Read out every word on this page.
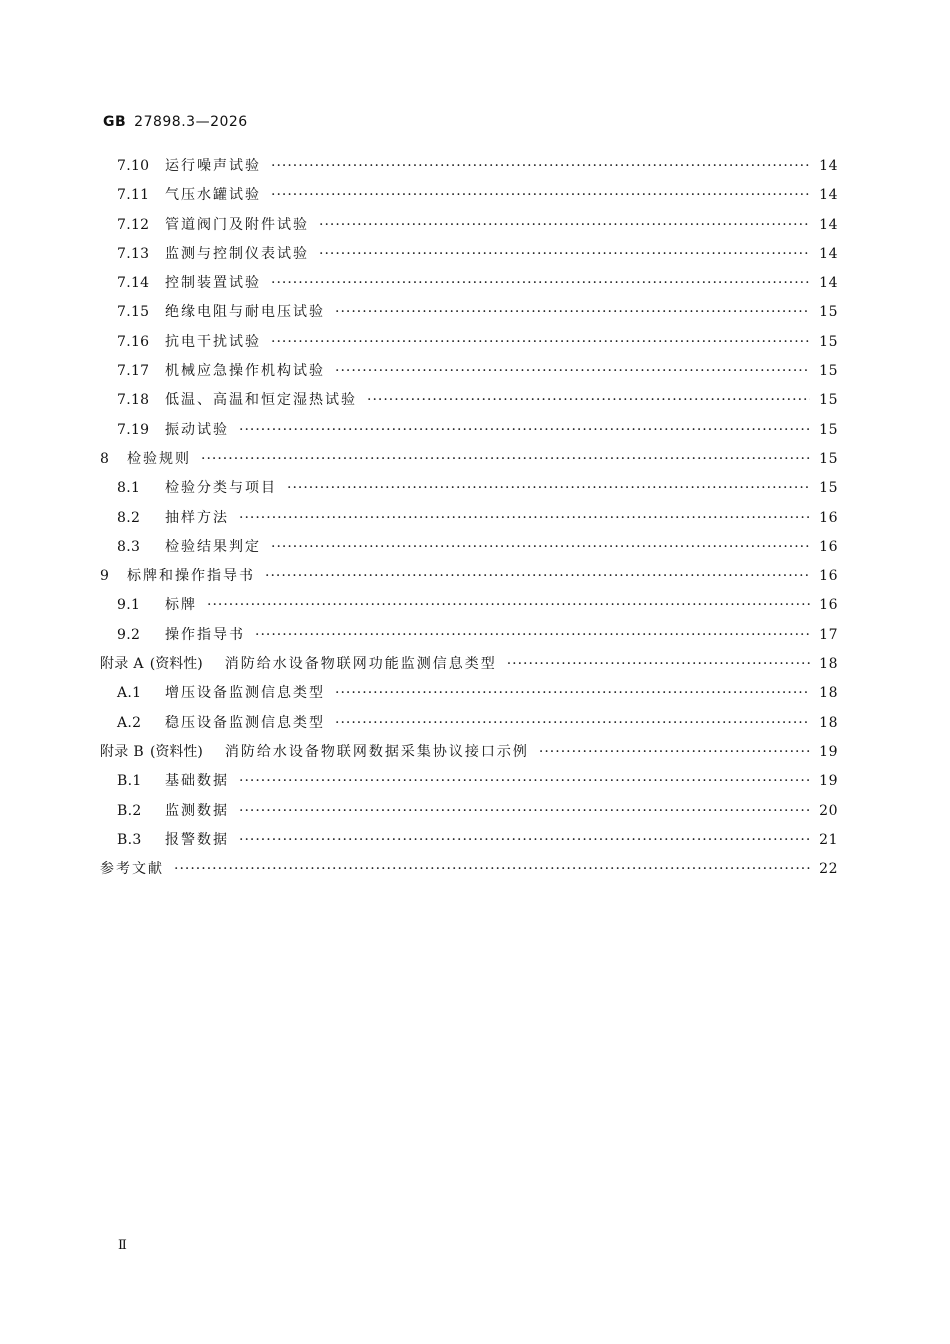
GB 27898.3—2026
7.10	运行噪声试验 ·····	14
7.11	气压水罐试验 ·····	14
7.12	管道阀门及附件试验 ·····	14
7.13	监测与控制仪表试验 ·····	14
7.14	控制装置试验 ·····	14
7.15	绝缘电阻与耐电压试验 ·····	15
7.16	抗电干扰试验 ·····	15
7.17	机械应急操作机构试验 ·····	15
7.18	低温、高温和恒定湿热试验 ·····	15
7.19	振动试验 ·····	15
8	检验规则 ·····	15
8.1	检验分类与项目 ·····	15
8.2	抽样方法 ·····	16
8.3	检验结果判定 ·····	16
9	标牌和操作指导书 ·····	16
9.1	标牌 ·····	16
9.2	操作指导书 ·····	17
附录 A (资料性) 消防给水设备物联网功能监测信息类型 ·····	18
A.1	增压设备监测信息类型 ·····	18
A.2	稳压设备监测信息类型 ·····	18
附录 B (资料性) 消防给水设备物联网数据采集协议接口示例 ·····	19
B.1	基础数据 ·····	19
B.2	监测数据 ·····	20
B.3	报警数据 ·····	21
参考文献 ·····	22
Ⅱ
